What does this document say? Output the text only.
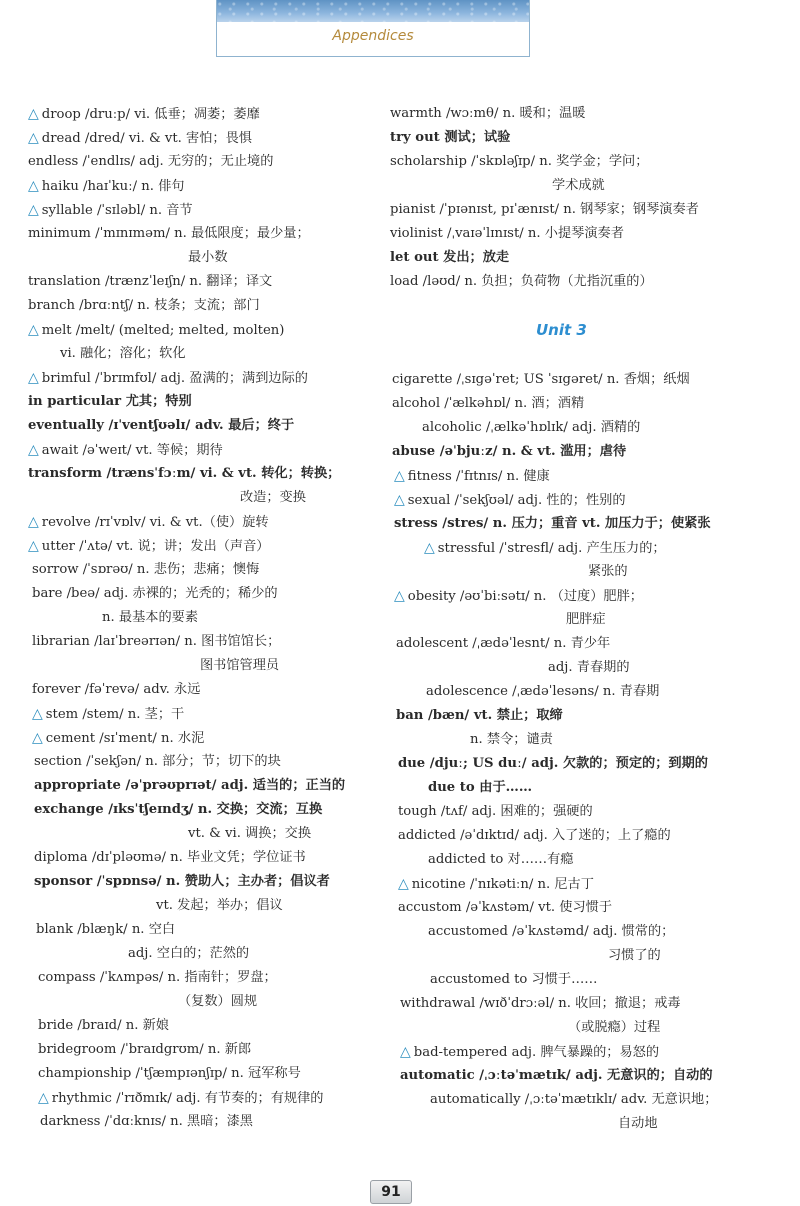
Appendices
△ droop /druːp/ vi. 低垂；凋萎；萎靡
△ dread /dred/ vi. & vt. 害怕；畏惧
endless /ˈendlɪs/ adj. 无穷的；无止境的
△ haiku /haɪˈkuː/ n. 俳句
△ syllable /ˈsɪləbl/ n. 音节
minimum /ˈmɪnɪməm/ n. 最低限度；最少量；
最小数
translation /trænzˈleɪʃn/ n. 翻译；译文
branch /brɑːntʃ/ n. 枝条；支流；部门
△ melt /melt/ (melted; melted, molten)
vi. 融化；溶化；软化
△ brimful /ˈbrɪmfʊl/ adj. 盈满的；满到边际的
in particular 尤其；特别
eventually /ɪˈventʃʊəlɪ/ adv. 最后；终于
△ await /əˈweɪt/ vt. 等候；期待
transform /trænsˈfɔːm/ vi. & vt. 转化；转换；
改造；变换
△ revolve /rɪˈvɒlv/ vi. & vt.（使）旋转
△ utter /ˈʌtə/ vt. 说；讲；发出（声音）
sorrow /ˈsɒrəʊ/ n. 悲伤；悲痛；懊悔
bare /beə/ adj. 赤裸的；光秃的；稀少的
n. 最基本的要素
librarian /laɪˈbreərɪən/ n. 图书馆馆长；
图书馆管理员
forever /fəˈrevə/ adv. 永远
△ stem /stem/ n. 茎；干
△ cement /sɪˈment/ n. 水泥
section /ˈsekʃən/ n. 部分；节；切下的块
appropriate /əˈprəʊprɪət/ adj. 适当的；正当的
exchange /ɪksˈtʃeɪndʒ/ n. 交换；交流；互换
vt. & vi. 调换；交换
diploma /dɪˈpləʊmə/ n. 毕业文凭；学位证书
sponsor /ˈspɒnsə/ n. 赞助人；主办者；倡议者
vt. 发起；举办；倡议
blank /blæŋk/ n. 空白
adj. 空白的；茫然的
compass /ˈkʌmpəs/ n. 指南针；罗盘；
（复数）圆规
bride /braɪd/ n. 新娘
bridegroom /ˈbraɪdgrʊm/ n. 新郎
championship /ˈtʃæmpɪənʃɪp/ n. 冠军称号
△ rhythmic /ˈrɪðmɪk/ adj. 有节奏的；有规律的
darkness /ˈdɑːknɪs/ n. 黑暗；漆黑
warmth /wɔːmθ/ n. 暖和；温暖
try out 测试；试验
scholarship /ˈskɒləʃɪp/ n. 奖学金；学问；
学术成就
pianist /ˈpɪənɪst, pɪˈænɪst/ n. 钢琴家；钢琴演奏者
violinist /ˌvaɪəˈlɪnɪst/ n. 小提琴演奏者
let out 发出；放走
load /ləʊd/ n. 负担；负荷物（尤指沉重的）
Unit 3
cigarette /ˌsɪgəˈret; US ˈsɪgəret/ n. 香烟；纸烟
alcohol /ˈælkəhɒl/ n. 酒；酒精
alcoholic /ˌælkəˈhɒlɪk/ adj. 酒精的
abuse /əˈbjuːz/ n. & vt. 滥用；虐待
△ fitness /ˈfɪtnɪs/ n. 健康
△ sexual /ˈsekʃʊəl/ adj. 性的；性别的
stress /stres/ n. 压力；重音 vt. 加压力于；使紧张
△ stressful /ˈstresfl/ adj. 产生压力的；
紧张的
△ obesity /əʊˈbiːsətɪ/ n. （过度）肥胖；
肥胖症
adolescent /ˌædəˈlesnt/ n. 青少年
adj. 青春期的
adolescence /ˌædəˈlesəns/ n. 青春期
ban /bæn/ vt. 禁止；取缔
n. 禁令；谴责
due /djuː; US duː/ adj. 欠款的；预定的；到期的
due to 由于……
tough /tʌf/ adj. 困难的；强硬的
addicted /əˈdɪktɪd/ adj. 入了迷的；上了瘾的
addicted to 对……有瘾
△ nicotine /ˈnɪkətiːn/ n. 尼古丁
accustom /əˈkʌstəm/ vt. 使习惯于
accustomed /əˈkʌstəmd/ adj. 惯常的；
习惯了的
accustomed to 习惯于……
withdrawal /wɪðˈdrɔːəl/ n. 收回；撤退；戒毒
（或脱瘾）过程
△ bad-tempered adj. 脾气暴躁的；易怒的
automatic /ˌɔːtəˈmætɪk/ adj. 无意识的；自动的
automatically /ˌɔːtəˈmætɪklɪ/ adv. 无意识地；
自动地
91
